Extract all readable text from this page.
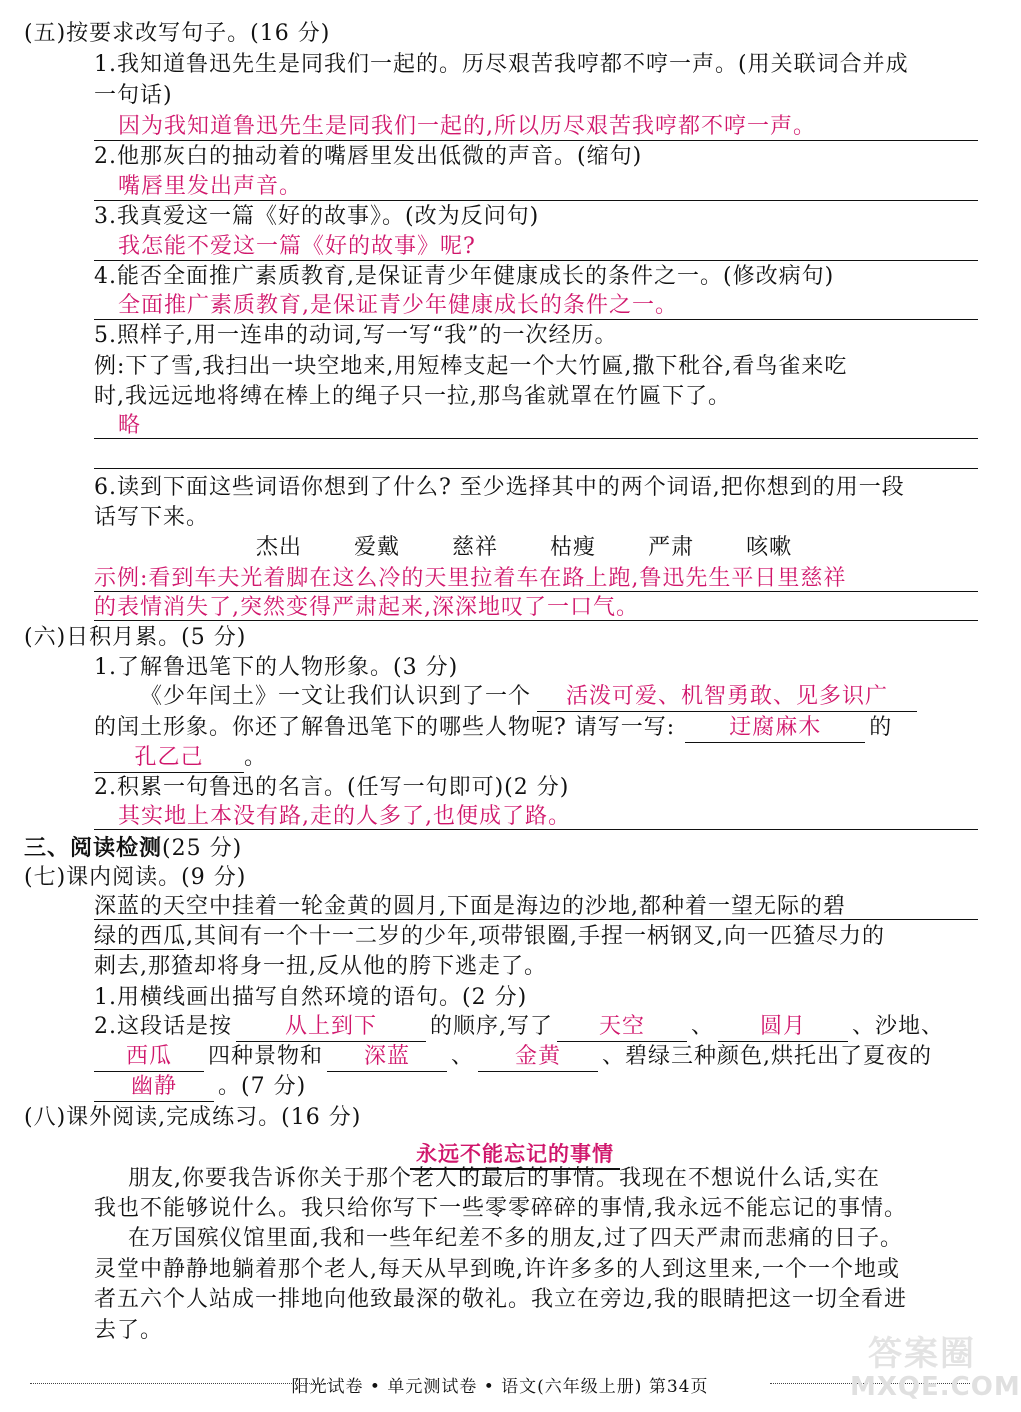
(五)按要求改写句子。(16 分)
1.我知道鲁迅先生是同我们一起的。历尽艰苦我哼都不哼一声。(用关联词合并成
一句话)
因为我知道鲁迅先生是同我们一起的,所以历尽艰苦我哼都不哼一声。
2.他那灰白的抽动着的嘴唇里发出低微的声音。(缩句)
嘴唇里发出声音。
3.我真爱这一篇《好的故事》。(改为反问句)
我怎能不爱这一篇《好的故事》呢?
4.能否全面推广素质教育,是保证青少年健康成长的条件之一。(修改病句)
全面推广素质教育,是保证青少年健康成长的条件之一。
5.照样子,用一连串的动词,写一写“我”的一次经历。
例:下了雪,我扫出一块空地来,用短棒支起一个大竹匾,撒下秕谷,看鸟雀来吃
时,我远远地将缚在棒上的绳子只一拉,那鸟雀就罩在竹匾下了。
略
6.读到下面这些词语你想到了什么? 至少选择其中的两个词语,把你想到的用一段
话写下来。
杰出 爱戴 慈祥 枯瘦 严肃 咳嗽
示例:看到车夫光着脚在这么冷的天里拉着车在路上跑,鲁迅先生平日里慈祥
的表情消失了,突然变得严肃起来,深深地叹了一口气。
(六)日积月累。(5 分)
1.了解鲁迅笔下的人物形象。(3 分)
《少年闰土》一文让我们认识到了一个 活泼可爱、机智勇敢、见多识广
的闰土形象。你还了解鲁迅笔下的哪些人物呢? 请写一写: 迂腐麻木 的
孔乙己 。
2.积累一句鲁迅的名言。(任写一句即可)(2 分)
其实地上本没有路,走的人多了,也便成了路。
三、阅读检测(25 分)
(七)课内阅读。(9 分)
深蓝的天空中挂着一轮金黄的圆月,下面是海边的沙地,都种着一望无际的碧
绿的西瓜,其间有一个十一二岁的少年,项带银圈,手捏一柄钢叉,向一匹猹尽力的
刺去,那猹却将身一扭,反从他的胯下逃走了。
1.用横线画出描写自然环境的语句。(2 分)
2.这段话是按 从上到下 的顺序,写了 天空 、 圆月 、沙地、
西瓜 四种景物和 深蓝 、 金黄 、碧绿三种颜色,烘托出了夏夜的
幽静 。(7 分)
(八)课外阅读,完成练习。(16 分)
永远不能忘记的事情
朋友,你要我告诉你关于那个老人的最后的事情。我现在不想说什么话,实在
我也不能够说什么。我只给你写下一些零零碎碎的事情,我永远不能忘记的事情。
在万国殡仪馆里面,我和一些年纪差不多的朋友,过了四天严肃而悲痛的日子。
灵堂中静静地躺着那个老人,每天从早到晚,许许多多的人到这里来,一个一个地或
者五六个人站成一排地向他致最深的敬礼。我立在旁边,我的眼睛把这一切全看进
去了。
阳光试卷 • 单元测试卷 • 语文(六年级上册) 第34页
答案圈
MXQE.COM
